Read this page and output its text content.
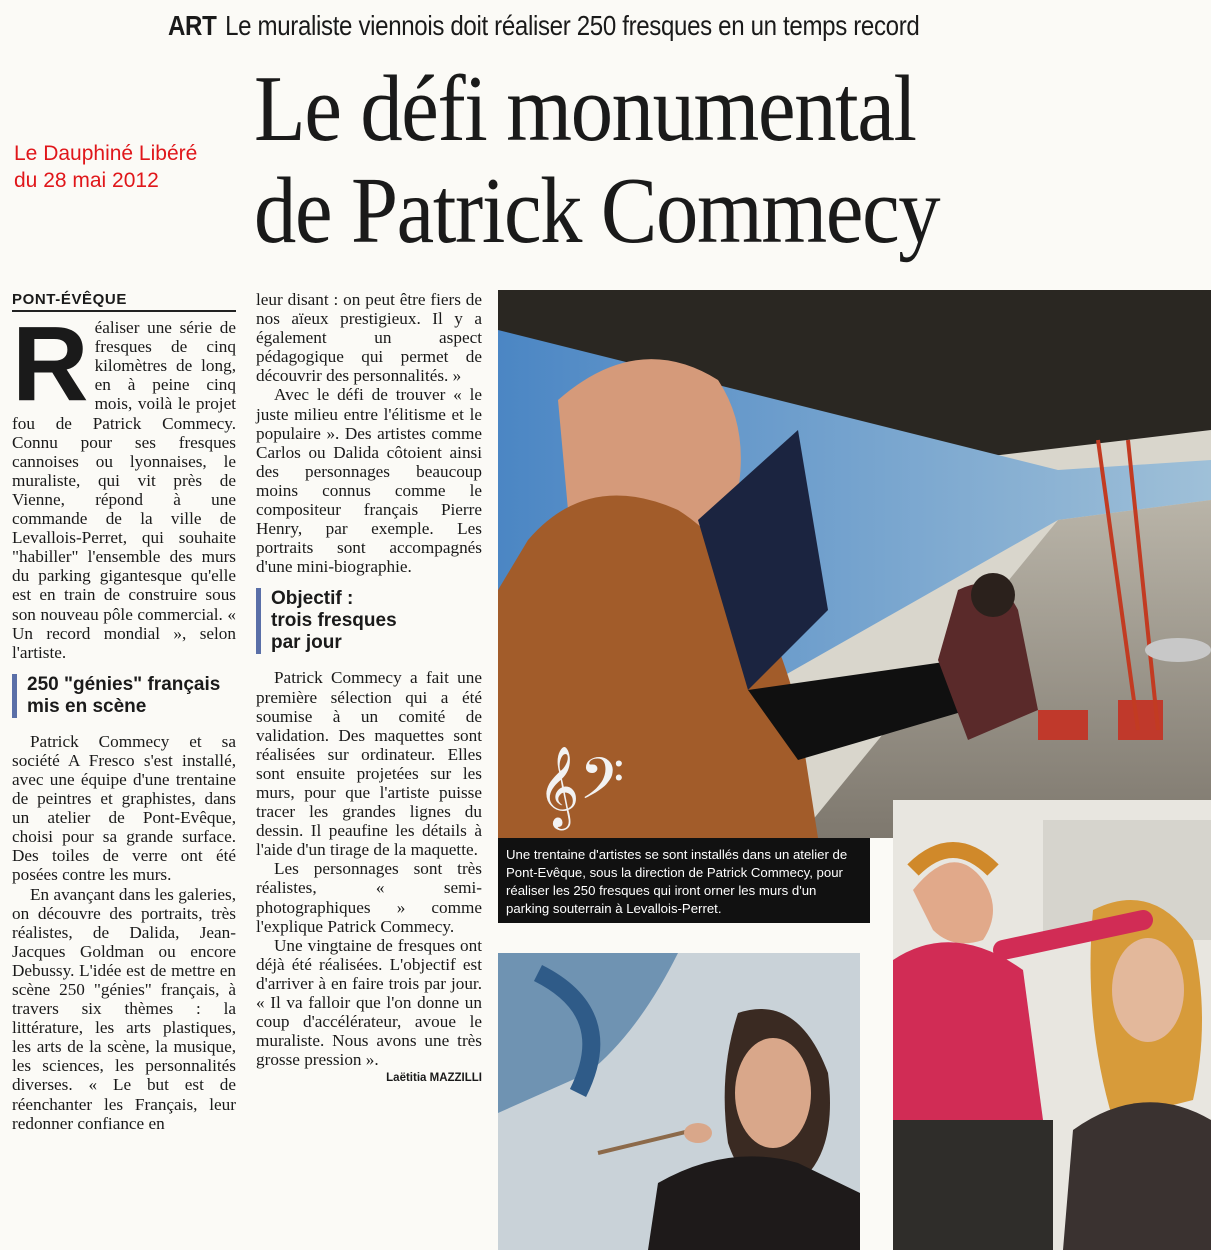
ART Le muraliste viennois doit réaliser 250 fresques en un temps record
Le Dauphiné Libéré
du 28 mai 2012
Le défi monumental
de Patrick Commecy
PONT-ÉVÊQUE

Réaliser une série de fresques de cinq kilomètres de long, en à peine cinq mois, voilà le projet fou de Patrick Commecy. Connu pour ses fresques cannoises ou lyonnaises, le muraliste, qui vit près de Vienne, répond à une commande de la ville de Levallois-Perret, qui souhaite "habiller" l'ensemble des murs du parking gigantesque qu'elle est en train de construire sous son nouveau pôle commercial. « Un record mondial », selon l'artiste.

250 "génies" français
mis en scène

Patrick Commecy et sa société A Fresco s'est installé, avec une équipe d'une trentaine de peintres et graphistes, dans un atelier de Pont-Evêque, choisi pour sa grande surface. Des toiles de verre ont été posées contre les murs.

En avançant dans les galeries, on découvre des portraits, très réalistes, de Dalida, Jean-Jacques Goldman ou encore Debussy. L'idée est de mettre en scène 250 "génies" français, à travers six thèmes : la littérature, les arts plastiques, les arts de la scène, la musique, les sciences, les personnalités diverses. « Le but est de réenchanter les Français, leur redonner confiance en

leur disant : on peut être fiers de nos aïeux prestigieux. Il y a également un aspect pédagogique qui permet de découvrir des personnalités. »

Avec le défi de trouver « le juste milieu entre l'élitisme et le populaire ». Des artistes comme Carlos ou Dalida côtoient ainsi des personnages beaucoup moins connus comme le compositeur français Pierre Henry, par exemple. Les portraits sont accompagnés d'une mini-biographie.

Objectif :
trois fresques
par jour

Patrick Commecy a fait une première sélection qui a été soumise à un comité de validation. Des maquettes sont réalisées sur ordinateur. Elles sont ensuite projetées sur les murs, pour que l'artiste puisse tracer les grandes lignes du dessin. Il peaufine les détails à l'aide d'un tirage de la maquette.

Les personnages sont très réalistes, « semi-photographiques » comme l'explique Patrick Commecy.

Une vingtaine de fresques ont déjà été réalisées. L'objectif est d'arriver à en faire trois par jour. « Il va falloir que l'on donne un coup d'accélérateur, avoue le muraliste. Nous avons une très grosse pression ».

Laëtitia MAZZILLI
𝄞𝄢
Une trentaine d'artistes se sont installés dans un atelier de Pont-Evêque, sous la direction de Patrick Commecy, pour réaliser les 250 fresques qui iront orner les murs d'un parking souterrain à Levallois-Perret.
